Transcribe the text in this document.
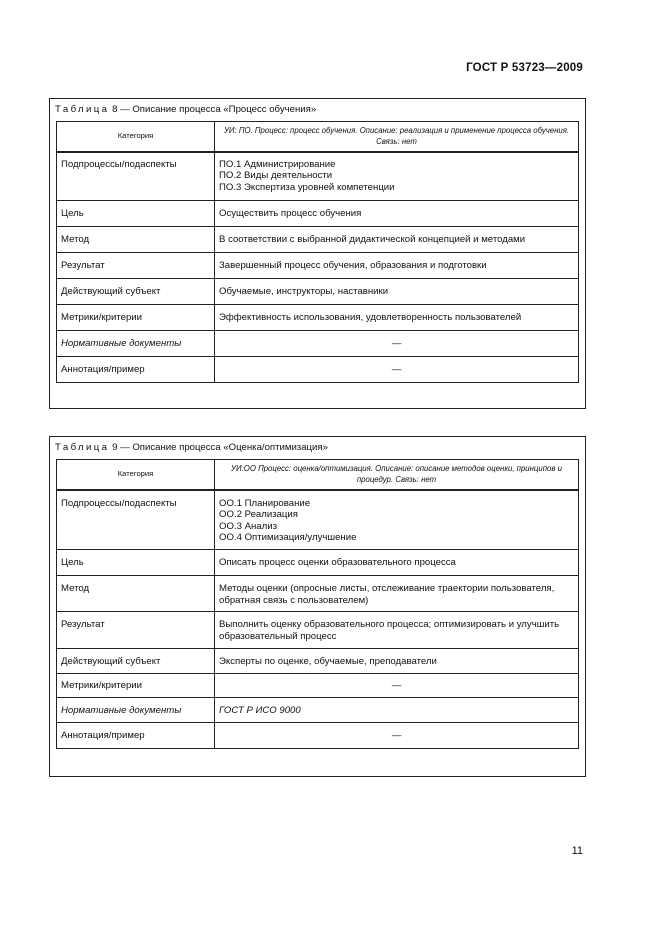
ГОСТ Р 53723—2009
Таблица 8 — Описание процесса «Процесс обучения»
Категория	УИ: ПО. Процесс: процесс обучения. Описание: реализация и применение процесса обучения. Связь: нет
Подпроцессы/подаспекты	ПО.1 Администрирование
ПО.2 Виды деятельности
ПО.3 Экспертиза уровней компетенции

Цель	Осуществить процесс обучения
Метод	В соответствии с выбранной дидактической концепцией и методами
Результат	Завершенный процесс обучения, образования и подготовки
Действующий субъект	Обучаемые, инструкторы, наставники
Метрики/критерии	Эффективность использования, удовлетворенность пользователей
Нормативные документы	—
Аннотация/пример	—
Таблица 9 — Описание процесса «Оценка/оптимизация»
Категория	УИ:ОО Процесс: оценка/оптимизация. Описание: описание методов оценки, принципов и процедур. Связь: нет
Подпроцессы/подаспекты	ОО.1 Планирование
ОО.2 Реализация
ОО.3 Анализ
ОО.4 Оптимизация/улучшение

Цель	Описать процесс оценки образовательного процесса
Метод	Методы оценки (опросные листы, отслеживание траектории пользователя, обратная связь с пользователем)
Результат	Выполнить оценку образовательного процесса; оптимизировать и улучшить образовательный процесс
Действующий субъект	Эксперты по оценке, обучаемые, преподаватели
Метрики/критерии	—
Нормативные документы	ГОСТ Р ИСО 9000
Аннотация/пример	—
11
